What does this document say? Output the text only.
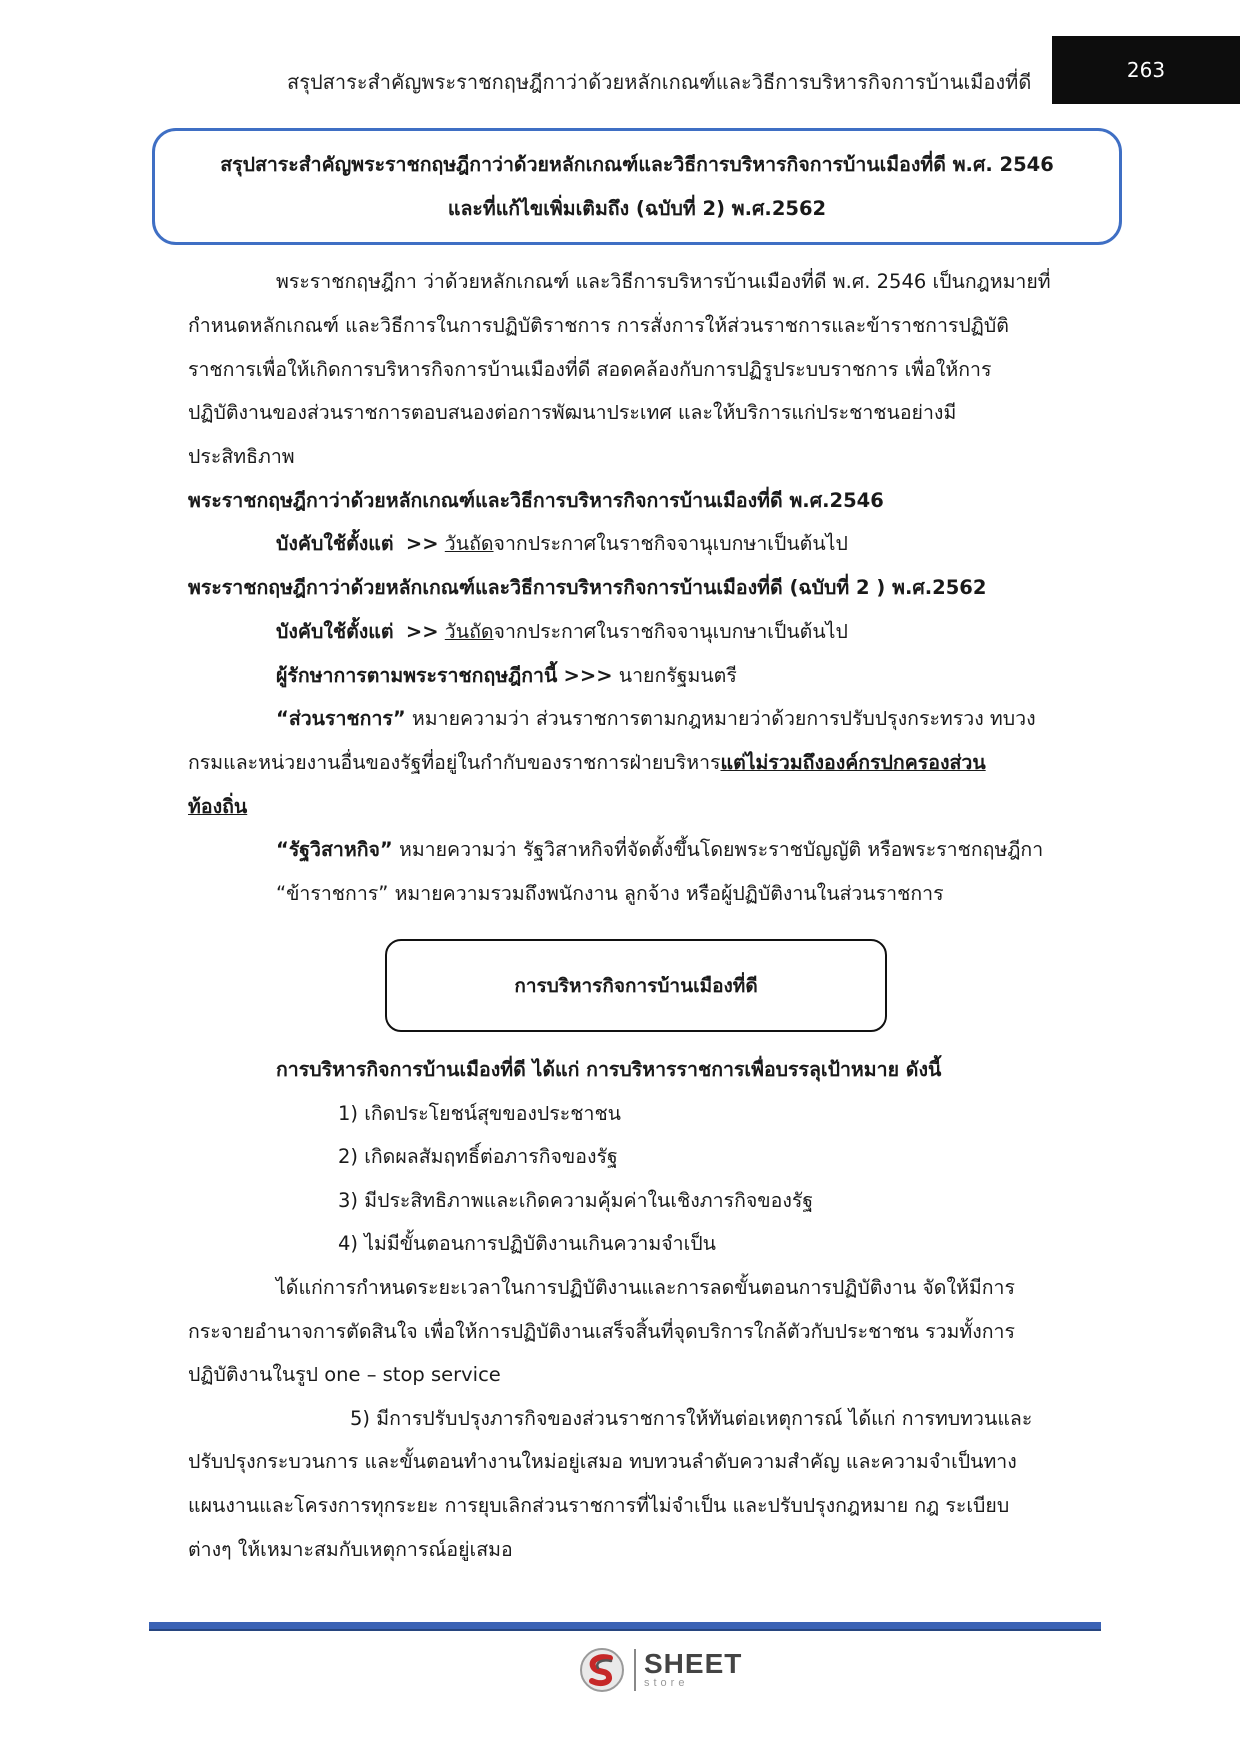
สรุปสาระสำคัญพระราชกฤษฎีกาว่าด้วยหลักเกณฑ์และวิธีการบริหารกิจการบ้านเมืองที่ดี	263
สรุปสาระสำคัญพระราชกฤษฎีกาว่าด้วยหลักเกณฑ์และวิธีการบริหารกิจการบ้านเมืองที่ดี พ.ศ. 2546
และที่แก้ไขเพิ่มเติมถึง (ฉบับที่ 2) พ.ศ.2562
พระราชกฤษฎีกา ว่าด้วยหลักเกณฑ์ และวิธีการบริหารบ้านเมืองที่ดี พ.ศ. 2546 เป็นกฎหมายที่
กำหนดหลักเกณฑ์ และวิธีการในการปฏิบัติราชการ การสั่งการให้ส่วนราชการและข้าราชการปฏิบัติ
ราชการเพื่อให้เกิดการบริหารกิจการบ้านเมืองที่ดี สอดคล้องกับการปฏิรูประบบราชการ เพื่อให้การ
ปฏิบัติงานของส่วนราชการตอบสนองต่อการพัฒนาประเทศ และให้บริการแก่ประชาชนอย่างมี
ประสิทธิภาพ
พระราชกฤษฎีกาว่าด้วยหลักเกณฑ์และวิธีการบริหารกิจการบ้านเมืองที่ดี พ.ศ.2546
บังคับใช้ตั้งแต่ >> วันถัดจากประกาศในราชกิจจานุเบกษาเป็นต้นไป
พระราชกฤษฎีกาว่าด้วยหลักเกณฑ์และวิธีการบริหารกิจการบ้านเมืองที่ดี (ฉบับที่ 2 ) พ.ศ.2562
บังคับใช้ตั้งแต่ >> วันถัดจากประกาศในราชกิจจานุเบกษาเป็นต้นไป
ผู้รักษาการตามพระราชกฤษฎีกานี้ >>> นายกรัฐมนตรี
“ส่วนราชการ” หมายความว่า ส่วนราชการตามกฎหมายว่าด้วยการปรับปรุงกระทรวง ทบวง
กรมและหน่วยงานอื่นของรัฐที่อยู่ในกำกับของราชการฝ่ายบริหารแต่ไม่รวมถึงองค์กรปกครองส่วน
ท้องถิ่น
“รัฐวิสาหกิจ” หมายความว่า รัฐวิสาหกิจที่จัดตั้งขึ้นโดยพระราชบัญญัติ หรือพระราชกฤษฎีกา
“ข้าราชการ” หมายความรวมถึงพนักงาน ลูกจ้าง หรือผู้ปฏิบัติงานในส่วนราชการ
การบริหารกิจการบ้านเมืองที่ดี
การบริหารกิจการบ้านเมืองที่ดี ได้แก่ การบริหารราชการเพื่อบรรลุเป้าหมาย ดังนี้
1) เกิดประโยชน์สุขของประชาชน
2) เกิดผลสัมฤทธิ์ต่อภารกิจของรัฐ
3) มีประสิทธิภาพและเกิดความคุ้มค่าในเชิงภารกิจของรัฐ
4) ไม่มีขั้นตอนการปฏิบัติงานเกินความจำเป็น
ได้แก่การกำหนดระยะเวลาในการปฏิบัติงานและการลดขั้นตอนการปฏิบัติงาน จัดให้มีการ
กระจายอำนาจการตัดสินใจ เพื่อให้การปฏิบัติงานเสร็จสิ้นที่จุดบริการใกล้ตัวกับประชาชน รวมทั้งการ
ปฏิบัติงานในรูป one – stop service
5) มีการปรับปรุงภารกิจของส่วนราชการให้ทันต่อเหตุการณ์ ได้แก่ การทบทวนและ
ปรับปรุงกระบวนการ และขั้นตอนทำงานใหม่อยู่เสมอ ทบทวนลำดับความสำคัญ และความจำเป็นทาง
แผนงานและโครงการทุกระยะ การยุบเลิกส่วนราชการที่ไม่จำเป็น และปรับปรุงกฎหมาย กฎ ระเบียบ
ต่างๆ ให้เหมาะสมกับเหตุการณ์อยู่เสมอ
SHEET
store
